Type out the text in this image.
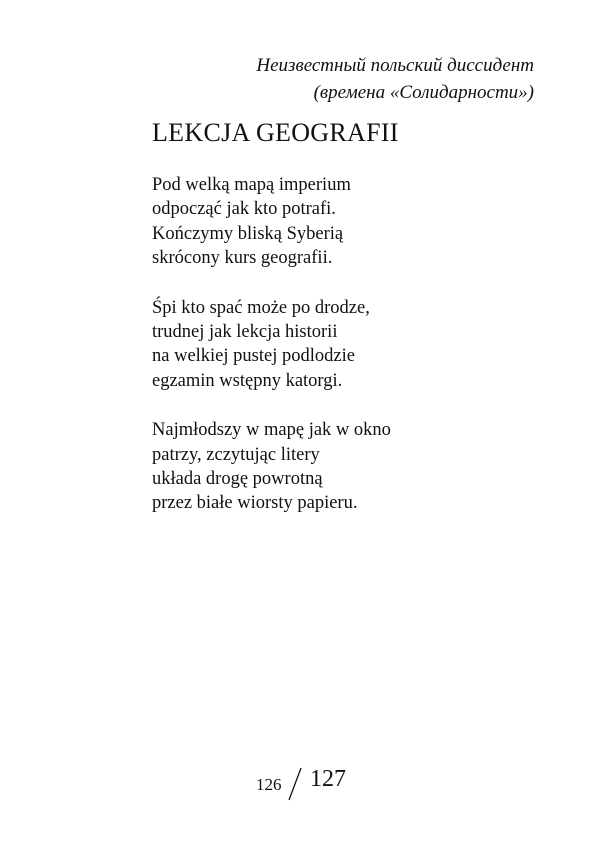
Неизвестный польский диссидент
(времена «Солидарности»)
LEKCJA GEOGRAFII
Pod welką mapą imperium
odpocząć jak kto potrafi.
Kończymy bliską Syberią
skrócony kurs geografii.
Śpi kto spać może po drodze,
trudnej jak lekcja historii
na welkiej pustej podlodzie
egzamin wstępny katorgi.
Najmłodszy w mapę jak w okno
patrzy, zczytując litery
układa drogę powrotną
przez białe wiorsty papieru.
126 127
